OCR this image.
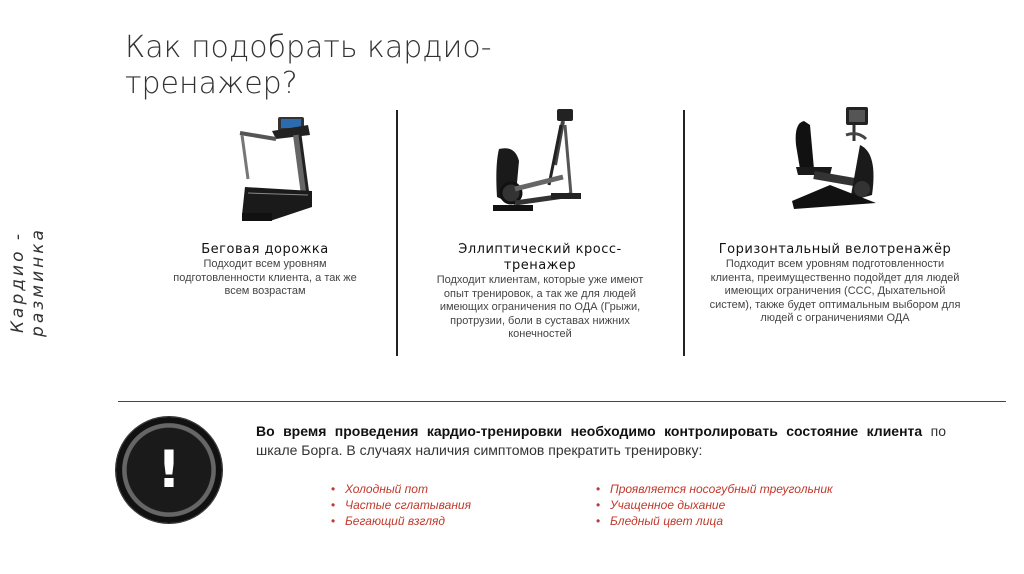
Кардио - разминка
Как подобрать кардио-тренажер?
Беговая дорожка

Подходит всем уровням подготовленности клиента, а так же всем возрастам

Эллиптический кросс-тренажер

Подходит клиентам, которые уже имеют опыт тренировок, а так же для людей имеющих ограничения по ОДА (Грыжи, протрузии, боли в суставах нижних конечностей

Горизонтальный велотренажёр

Подходит всем уровням подготовленности клиента, преимущественно подойдет для людей имеющих ограничения (ССС, Дыхательной систем), также будет оптимальным выбором для людей с ограничениями ОДА

!
Во время проведения кардио-тренировки необходимо контролировать состояние клиента по шкале Борга. В случаях наличия симптомов прекратить тренировку:
• Холодный пот
• Частые сглатывания
• Бегающий взгляд
• Проявляется носогубный треугольник
• Учащенное дыхание
• Бледный цвет лица
